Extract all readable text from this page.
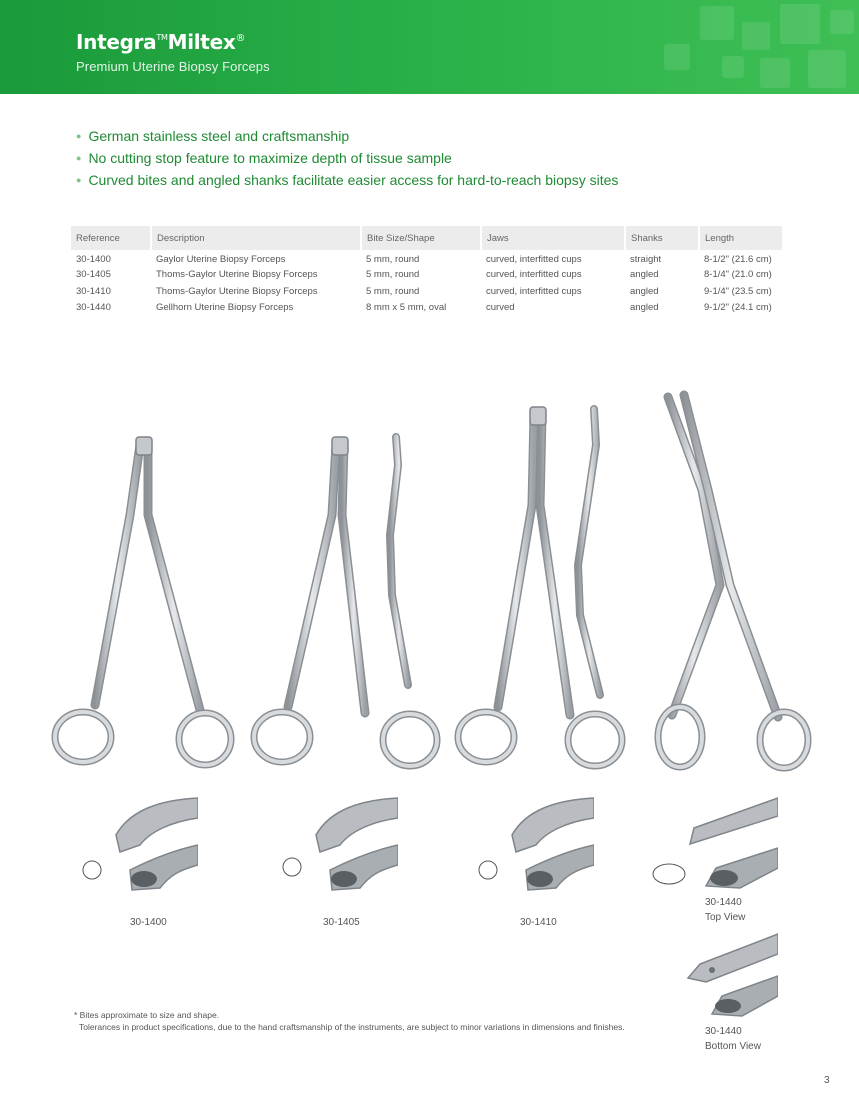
Integra™Miltex®
Premium Uterine Biopsy Forceps
● German stainless steel and craftsmanship
● No cutting stop feature to maximize depth of tissue sample
● Curved bites and angled shanks facilitate easier access for hard-to-reach biopsy sites
Reference	Description	Bite Size/Shape	Jaws	Shanks	Length
30-1400	Gaylor Uterine Biopsy Forceps	5 mm, round	curved, interfitted cups	straight	8-1/2" (21.6 cm)
30-1405	Thoms-Gaylor Uterine Biopsy Forceps	5 mm, round	curved, interfitted cups	angled	8-1/4" (21.0 cm)
30-1410	Thoms-Gaylor Uterine Biopsy Forceps	5 mm, round	curved, interfitted cups	angled	9-1/4" (23.5 cm)
30-1440	Gellhorn Uterine Biopsy Forceps	8 mm x 5 mm, oval	curved	angled	9-1/2" (24.1 cm)
30-1400	30-1405	30-1410
30-1440
Top View
30-1440
Bottom View
* Bites approximate to size and shape.
Tolerances in product specifications, due to the hand craftsmanship of the instruments, are subject to minor variations in dimensions and finishes.
3
